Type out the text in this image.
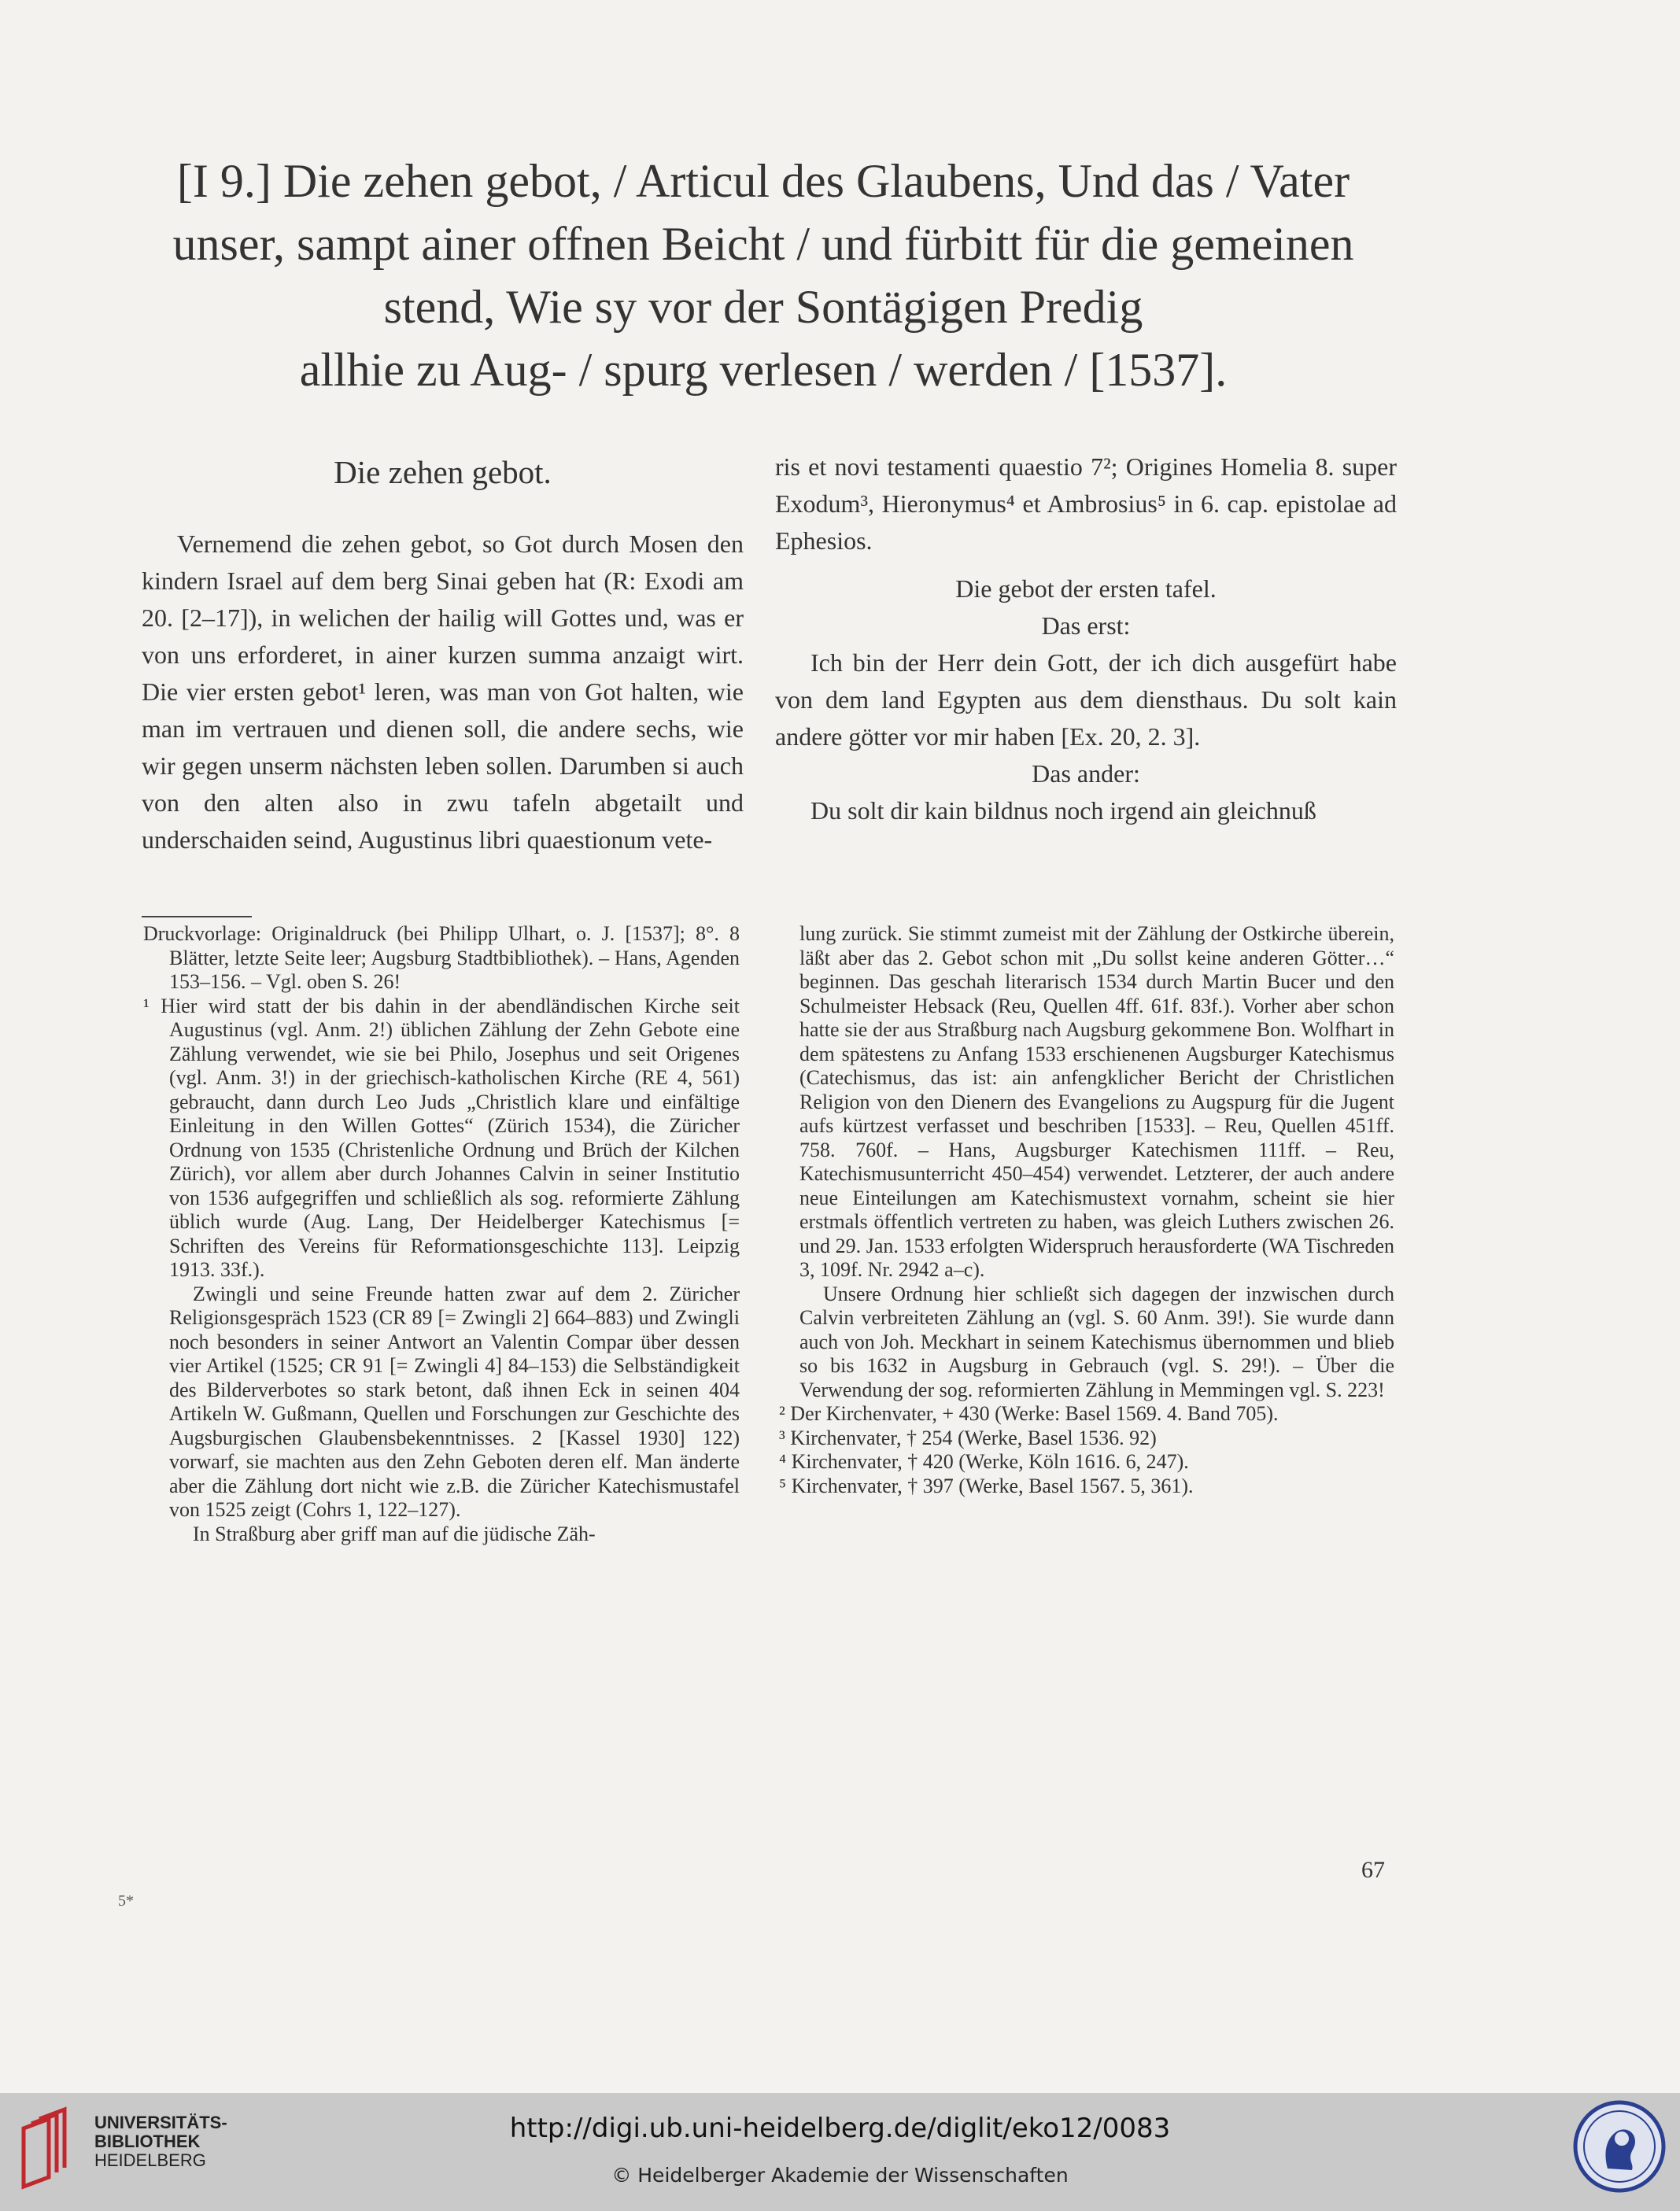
[I 9.] Die zehen gebot, / Articul des Glaubens, Und das / Vater
unser, sampt ainer offnen Beicht / und fürbitt für die gemeinen
stend, Wie sy vor der Sontägigen Predig
allhie zu Aug- / spurg verlesen / werden / [1537].
Die zehen gebot.

Vernemend die zehen gebot, so Got durch Mosen den kindern Israel auf dem berg Sinai geben hat (R: Exodi am 20. [2–17]), in welichen der hailig will Gottes und, was er von uns erforderet, in ainer kurzen summa anzaigt wirt. Die vier ersten gebot¹ leren, was man von Got halten, wie man im vertrauen und dienen soll, die andere sechs, wie wir gegen unserm nächsten leben sollen. Darumben si auch von den alten also in zwu tafeln abgetailt und underschaiden seind, Augustinus libri quaestionum vete-

ris et novi testamenti quaestio 7²; Origines Homelia 8. super Exodum³, Hieronymus⁴ et Ambrosius⁵ in 6. cap. epistolae ad Ephesios.

Die gebot der ersten tafel.
Das erst:

Ich bin der Herr dein Gott, der ich dich ausgefürt habe von dem land Egypten aus dem diensthaus. Du solt kain andere götter vor mir haben [Ex. 20, 2. 3].

Das ander:

Du solt dir kain bildnus noch irgend ain gleichnuß

Druckvorlage: Originaldruck (bei Philipp Ulhart, o. J. [1537]; 8°. 8 Blätter, letzte Seite leer; Augsburg Stadtbibliothek). – Hans, Agenden 153–156. – Vgl. oben S. 26!

¹ Hier wird statt der bis dahin in der abendländischen Kirche seit Augustinus (vgl. Anm. 2!) üblichen Zählung der Zehn Gebote eine Zählung verwendet, wie sie bei Philo, Josephus und seit Origenes (vgl. Anm. 3!) in der griechisch-katholischen Kirche (RE 4, 561) gebraucht, dann durch Leo Juds „Christlich klare und einfältige Einleitung in den Willen Gottes“ (Zürich 1534), die Züricher Ordnung von 1535 (Christenliche Ordnung und Brüch der Kilchen Zürich), vor allem aber durch Johannes Calvin in seiner Institutio von 1536 aufgegriffen und schließlich als sog. reformierte Zählung üblich wurde (Aug. Lang, Der Heidelberger Katechismus [= Schriften des Vereins für Reformationsgeschichte 113]. Leipzig 1913. 33f.).

Zwingli und seine Freunde hatten zwar auf dem 2. Züricher Religionsgespräch 1523 (CR 89 [= Zwingli 2] 664–883) und Zwingli noch besonders in seiner Antwort an Valentin Compar über dessen vier Artikel (1525; CR 91 [= Zwingli 4] 84–153) die Selbständigkeit des Bilderverbotes so stark betont, daß ihnen Eck in seinen 404 Artikeln W. Gußmann, Quellen und Forschungen zur Geschichte des Augsburgischen Glaubensbekenntnisses. 2 [Kassel 1930] 122) vorwarf, sie machten aus den Zehn Geboten deren elf. Man änderte aber die Zählung dort nicht wie z.B. die Züricher Katechismustafel von 1525 zeigt (Cohrs 1, 122–127).

In Straßburg aber griff man auf die jüdische Zäh-

lung zurück. Sie stimmt zumeist mit der Zählung der Ostkirche überein, läßt aber das 2. Gebot schon mit „Du sollst keine anderen Götter…“ beginnen. Das geschah literarisch 1534 durch Martin Bucer und den Schulmeister Hebsack (Reu, Quellen 4ff. 61f. 83f.). Vorher aber schon hatte sie der aus Straßburg nach Augsburg gekommene Bon. Wolfhart in dem spätestens zu Anfang 1533 erschienenen Augsburger Katechismus (Catechismus, das ist: ain anfengklicher Bericht der Christlichen Religion von den Dienern des Evangelions zu Augspurg für die Jugent aufs kürtzest verfasset und beschriben [1533]. – Reu, Quellen 451ff. 758. 760f. – Hans, Augsburger Katechismen 111ff. – Reu, Katechismusunterricht 450–454) verwendet. Letzterer, der auch andere neue Einteilungen am Katechismustext vornahm, scheint sie hier erstmals öffentlich vertreten zu haben, was gleich Luthers zwischen 26. und 29. Jan. 1533 erfolgten Widerspruch herausforderte (WA Tischreden 3, 109f. Nr. 2942 a–c).

Unsere Ordnung hier schließt sich dagegen der inzwischen durch Calvin verbreiteten Zählung an (vgl. S. 60 Anm. 39!). Sie wurde dann auch von Joh. Meckhart in seinem Katechismus übernommen und blieb so bis 1632 in Augsburg in Gebrauch (vgl. S. 29!). – Über die Verwendung der sog. reformierten Zählung in Memmingen vgl. S. 223!

² Der Kirchenvater, + 430 (Werke: Basel 1569. 4. Band 705).

³ Kirchenvater, † 254 (Werke, Basel 1536. 92)

⁴ Kirchenvater, † 420 (Werke, Köln 1616. 6, 247).

⁵ Kirchenvater, † 397 (Werke, Basel 1567. 5, 361).

67
5*
UNIVERSITÄTS-
BIBLIOTHEK
HEIDELBERG
http://digi.ub.uni-heidelberg.de/diglit/eko12/0083
© Heidelberger Akademie der Wissenschaften
